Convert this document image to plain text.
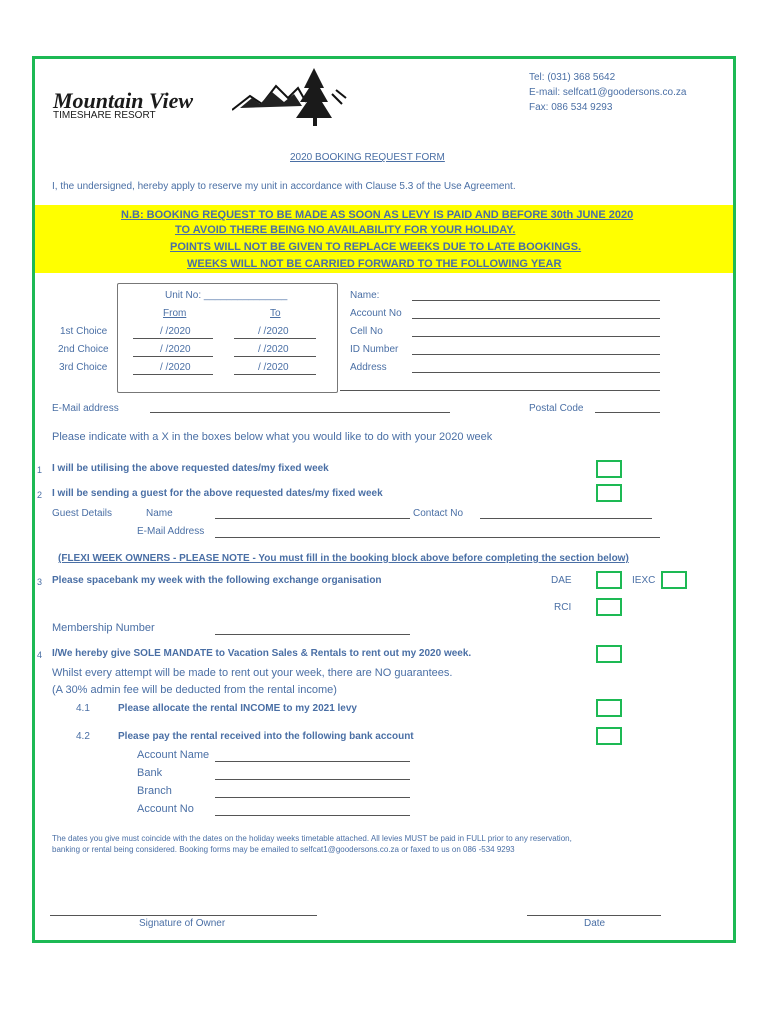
Mountain View
TIMESHARE RESORT
Tel: (031) 368 5642
E-mail: selfcat1@goodersons.co.za
Fax: 086 534 9293
2020 BOOKING REQUEST FORM
I, the undersigned, hereby apply to reserve my unit in accordance with Clause 5.3 of the Use Agreement.
N.B: BOOKING REQUEST TO BE MADE AS SOON AS LEVY IS PAID AND BEFORE 30th JUNE 2020
TO AVOID THERE BEING NO AVAILABILITY FOR YOUR HOLIDAY.
POINTS WILL NOT BE GIVEN TO REPLACE WEEKS DUE TO LATE BOOKINGS.
WEEKS WILL NOT BE CARRIED FORWARD TO THE FOLLOWING YEAR
Unit No: _______________
From	To
1st Choice	/ /2020	/ /2020
2nd Choice	/ /2020	/ /2020
3rd Choice	/ /2020	/ /2020
Name:
Account No
Cell No
ID Number
Address
E-Mail address	Postal Code
Please indicate with a X in the boxes below what you would like to do with your 2020 week
1 I will be utilising the above requested dates/my fixed week
2 I will be sending a guest for the above requested dates/my fixed week
Guest Details	Name	Contact No
E-Mail Address
(FLEXI WEEK OWNERS - PLEASE NOTE - You must fill in the booking block above before completing the section below)
3 Please spacebank my week with the following exchange organisation	DAE	IEXC
RCI
Membership Number
4 I/We hereby give SOLE MANDATE to Vacation Sales & Rentals to rent out my 2020 week.
Whilst every attempt will be made to rent out your week, there are NO guarantees.
(A 30% admin fee will be deducted from the rental income)
4.1	Please allocate the rental INCOME to my 2021 levy
4.2	Please pay the rental received into the following bank account
Account Name
Bank
Branch
Account No
The dates you give must coincide with the dates on the holiday weeks timetable attached. All levies MUST be paid in FULL prior to any reservation,
banking or rental being considered. Booking forms may be emailed to selfcat1@goodersons.co.za or faxed to us on 086 -534 9293
Signature of Owner	Date
